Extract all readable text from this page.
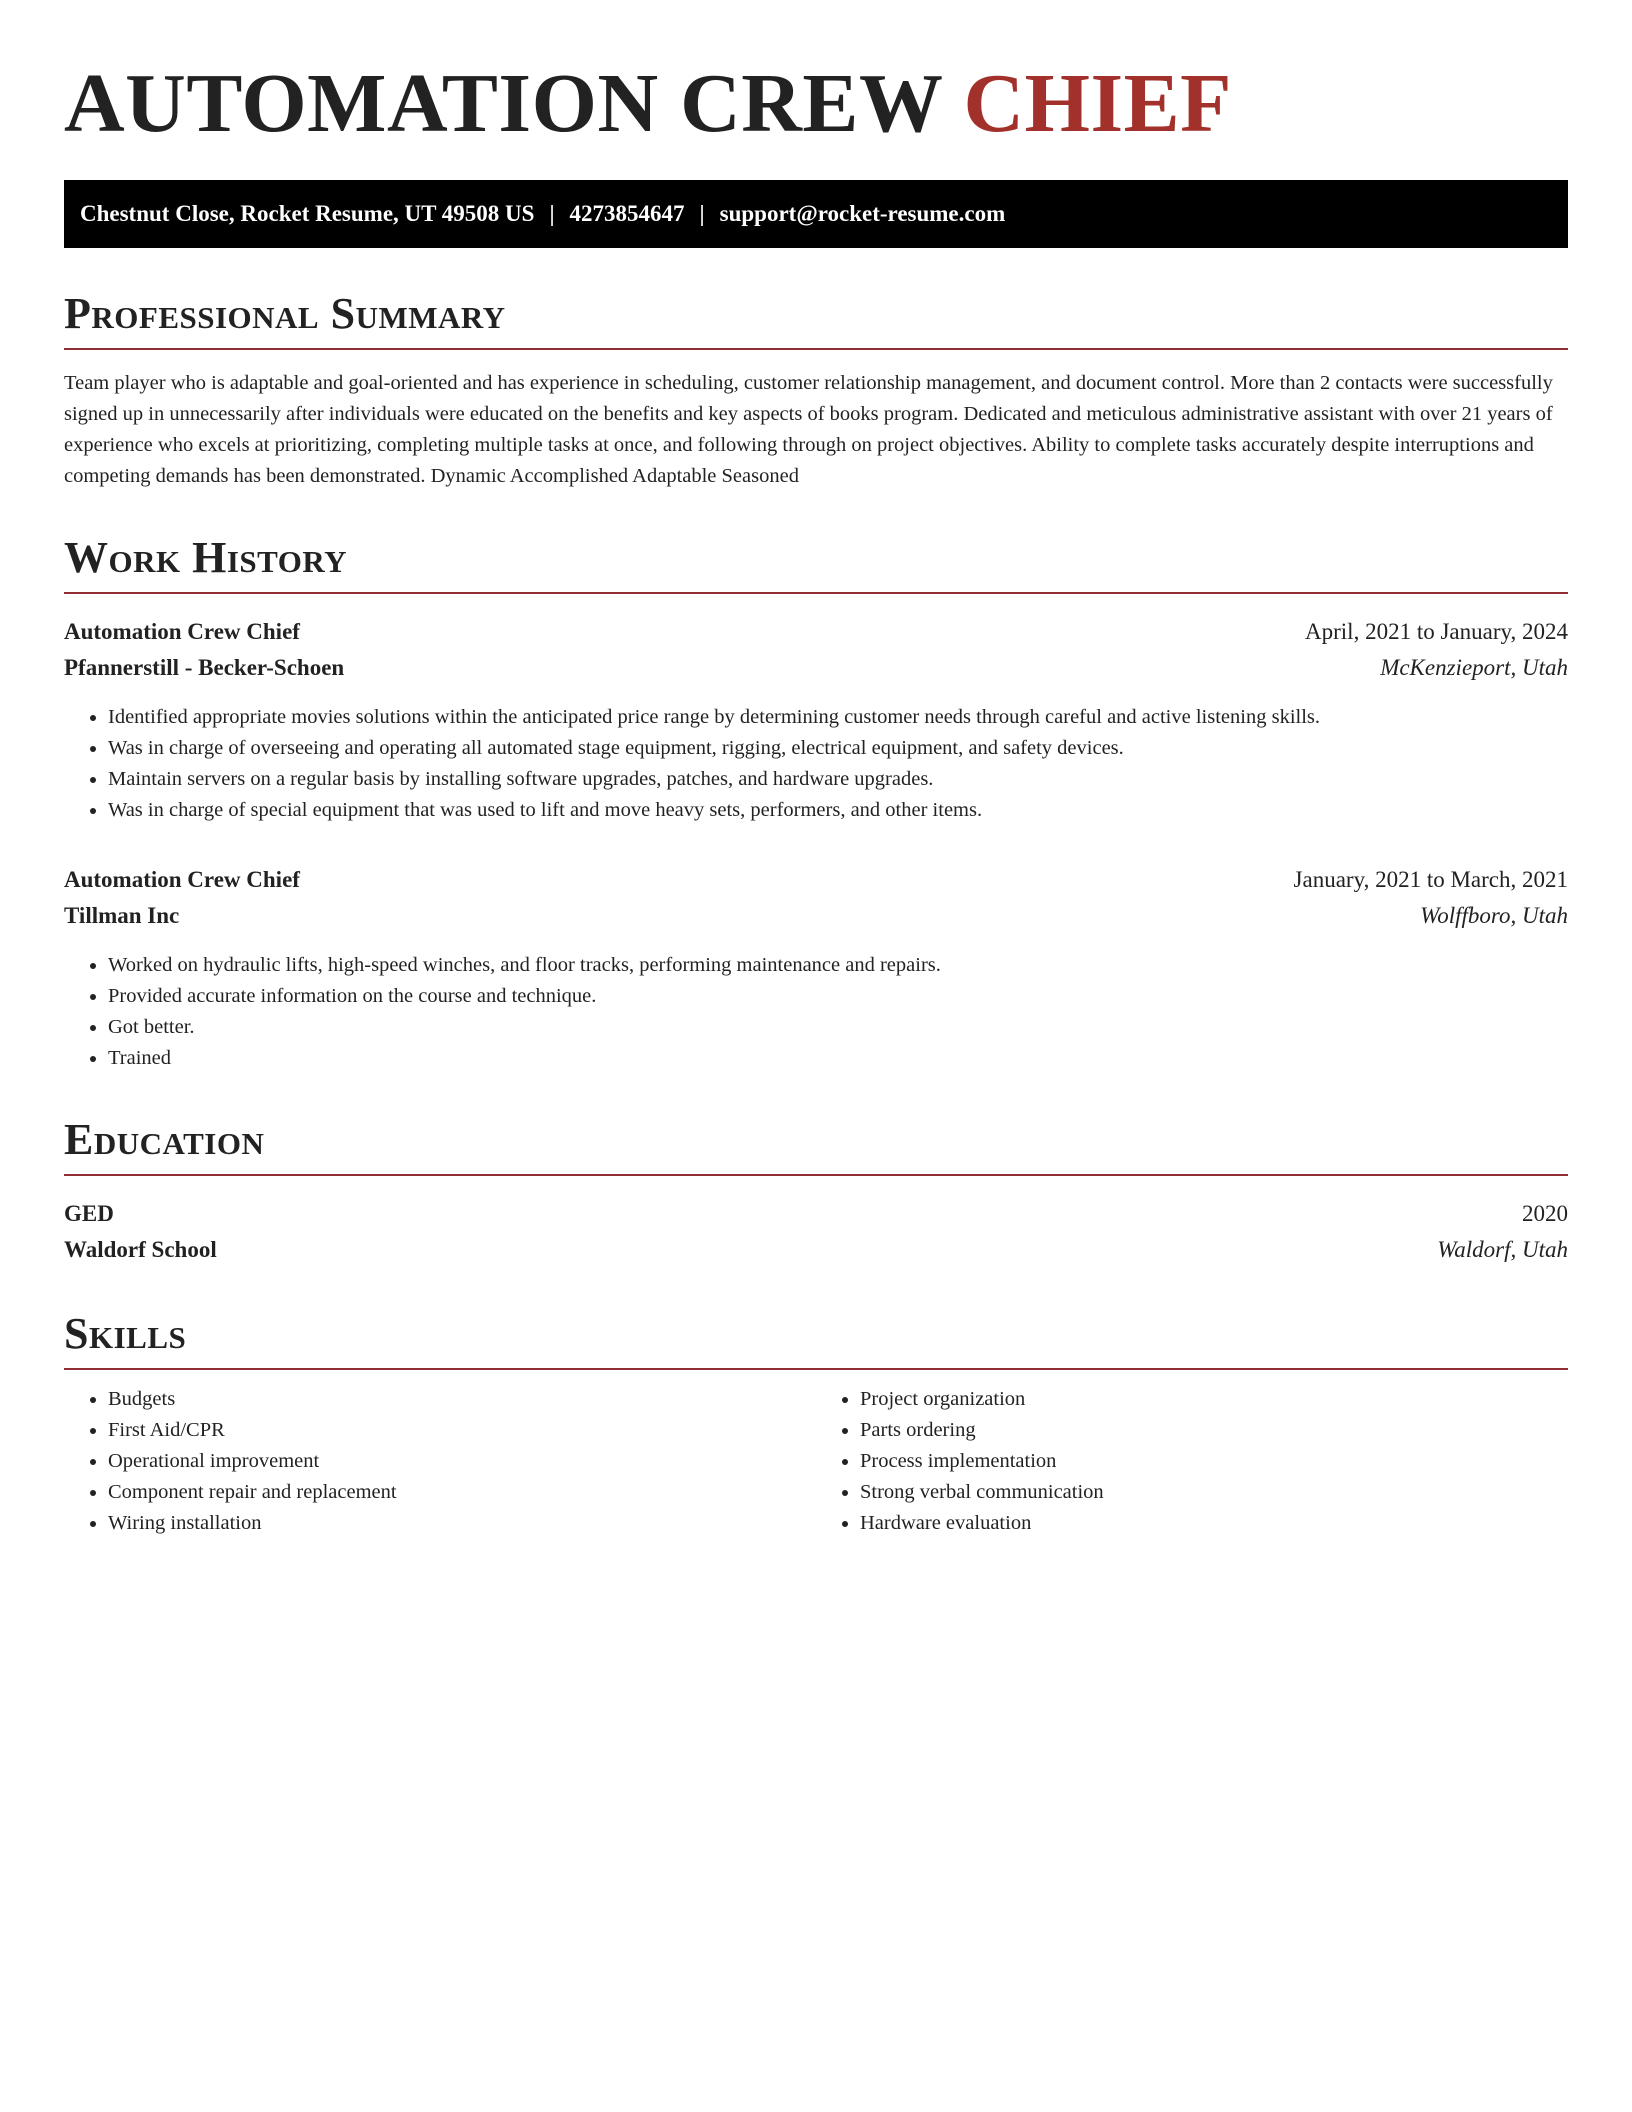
AUTOMATION CREW CHIEF
Chestnut Close, Rocket Resume, UT 49508 US | 4273854647 | support@rocket-resume.com
Professional Summary

Team player who is adaptable and goal-oriented and has experience in scheduling, customer relationship management, and document control. More than 2 contacts were successfully signed up in unnecessarily after individuals were educated on the benefits and key aspects of books program. Dedicated and meticulous administrative assistant with over 21 years of experience who excels at prioritizing, completing multiple tasks at once, and following through on project objectives. Ability to complete tasks accurately despite interruptions and competing demands has been demonstrated. Dynamic Accomplished Adaptable Seasoned

Work History
Automation Crew Chief	April, 2021 to January, 2024
Pfannerstill - Becker-Schoen	McKenzieport, Utah
• Identified appropriate movies solutions within the anticipated price range by determining customer needs through careful and active listening skills.
• Was in charge of overseeing and operating all automated stage equipment, rigging, electrical equipment, and safety devices.
• Maintain servers on a regular basis by installing software upgrades, patches, and hardware upgrades.
• Was in charge of special equipment that was used to lift and move heavy sets, performers, and other items.
Automation Crew Chief	January, 2021 to March, 2021
Tillman Inc	Wolffboro, Utah
• Worked on hydraulic lifts, high-speed winches, and floor tracks, performing maintenance and repairs.
• Provided accurate information on the course and technique.
• Got better.
• Trained
Education
GED	2020
Waldorf School	Waldorf, Utah
Skills
• Budgets
• First Aid/CPR
• Operational improvement
• Component repair and replacement
• Wiring installation
• Project organization
• Parts ordering
• Process implementation
• Strong verbal communication
• Hardware evaluation
